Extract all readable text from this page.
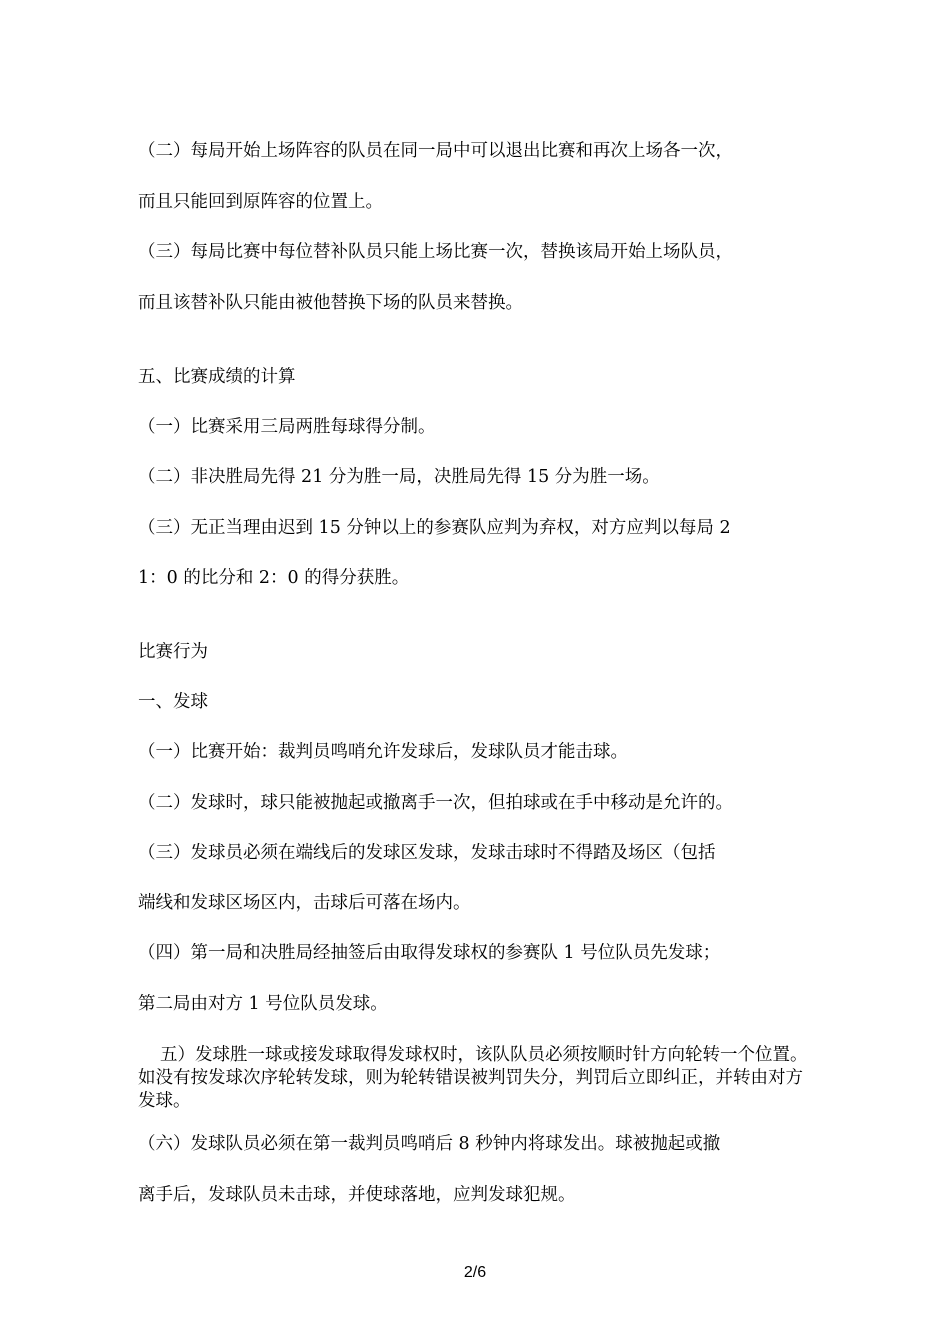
（二）每局开始上场阵容的队员在同一局中可以退出比赛和再次上场各一次，
而且只能回到原阵容的位置上。
（三）每局比赛中每位替补队员只能上场比赛一次，替换该局开始上场队员，
而且该替补队只能由被他替换下场的队员来替换。
五、比赛成绩的计算
（一）比赛采用三局两胜每球得分制。
（二）非决胜局先得 21 分为胜一局，决胜局先得 15 分为胜一场。
（三）无正当理由迟到 15 分钟以上的参赛队应判为弃权，对方应判以每局 2
1：0 的比分和 2：0 的得分获胜。
比赛行为
一、发球
（一）比赛开始：裁判员鸣哨允许发球后，发球队员才能击球。
（二）发球时，球只能被抛起或撤离手一次，但拍球或在手中移动是允许的。
（三）发球员必须在端线后的发球区发球，发球击球时不得踏及场区（包括
端线和发球区场区内，击球后可落在场内。
（四）第一局和决胜局经抽签后由取得发球权的参赛队 1 号位队员先发球；
第二局由对方 1 号位队员发球。
五）发球胜一球或接发球取得发球权时，该队队员必须按顺时针方向轮转一个位置。如没有按发球次序轮转发球，则为轮转错误被判罚失分，判罚后立即纠正，并转由对方发球。
（六）发球队员必须在第一裁判员鸣哨后 8 秒钟内将球发出。球被抛起或撤
离手后，发球队员未击球，并使球落地，应判发球犯规。
2/6
